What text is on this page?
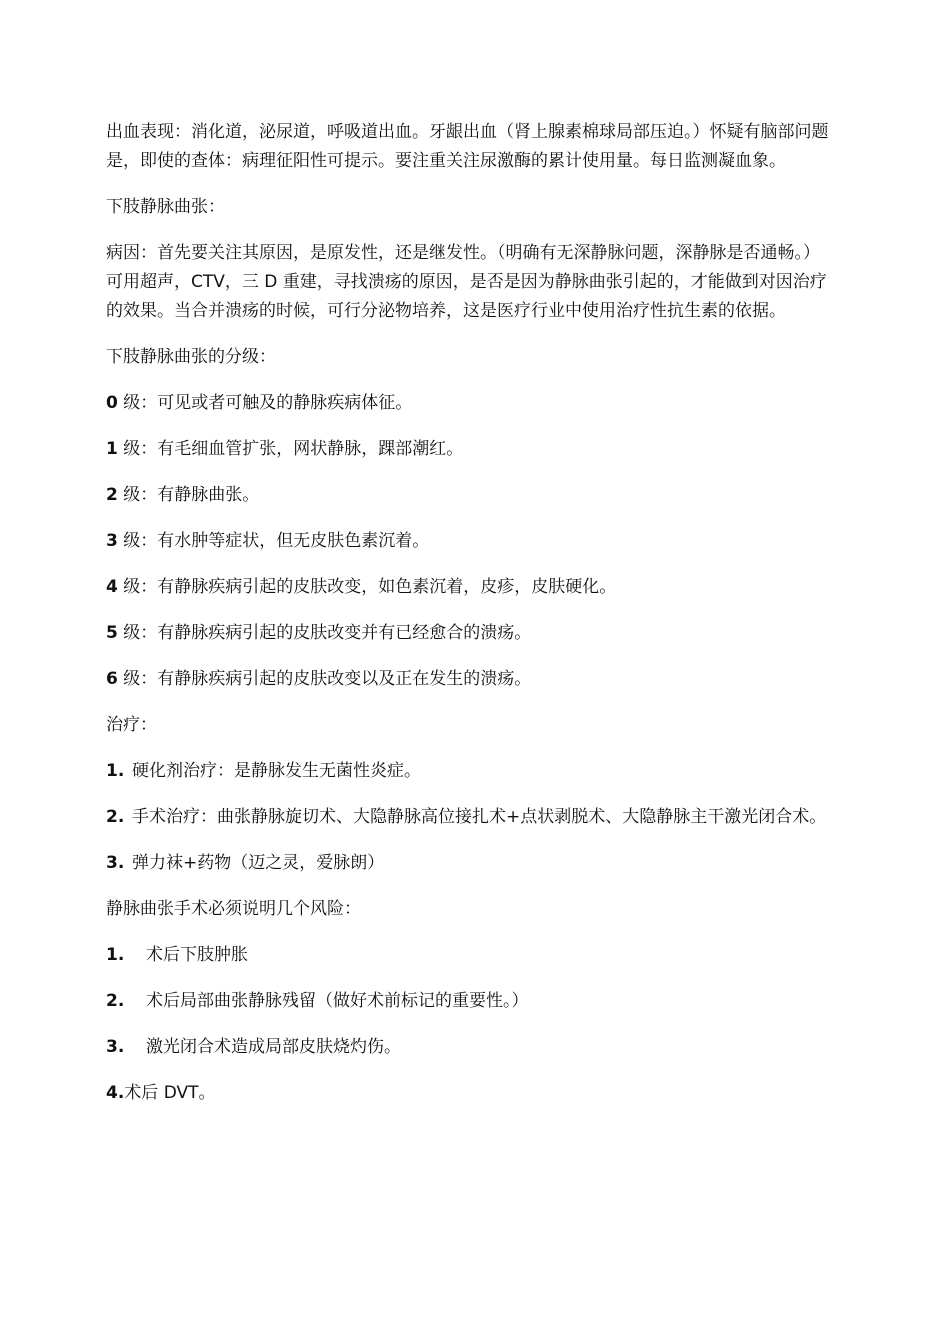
出血表现：消化道，泌尿道，呼吸道出血。牙龈出血（肾上腺素棉球局部压迫。）怀疑有脑部问题是，即使的查体：病理征阳性可提示。要注重关注尿激酶的累计使用量。每日监测凝血象。

下肢静脉曲张：

病因：首先要关注其原因，是原发性，还是继发性。（明确有无深静脉问题，深静脉是否通畅。）可用超声，CTV，三 D 重建，寻找溃疡的原因，是否是因为静脉曲张引起的，才能做到对因治疗的效果。当合并溃疡的时候，可行分泌物培养，这是医疗行业中使用治疗性抗生素的依据。

下肢静脉曲张的分级：

0 级：可见或者可触及的静脉疾病体征。

1 级：有毛细血管扩张，网状静脉，踝部潮红。

2 级：有静脉曲张。

3 级：有水肿等症状，但无皮肤色素沉着。

4 级：有静脉疾病引起的皮肤改变，如色素沉着，皮疹，皮肤硬化。

5 级：有静脉疾病引起的皮肤改变并有已经愈合的溃疡。

6 级：有静脉疾病引起的皮肤改变以及正在发生的溃疡。

治疗：

1. 硬化剂治疗：是静脉发生无菌性炎症。

2. 手术治疗：曲张静脉旋切术、大隐静脉高位接扎术+点状剥脱术、大隐静脉主干激光闭合术。

3. 弹力袜+药物（迈之灵，爱脉朗）

静脉曲张手术必须说明几个风险：

1. 术后下肢肿胀

2. 术后局部曲张静脉残留（做好术前标记的重要性。）

3. 激光闭合术造成局部皮肤烧灼伤。

4.术后 DVT。
